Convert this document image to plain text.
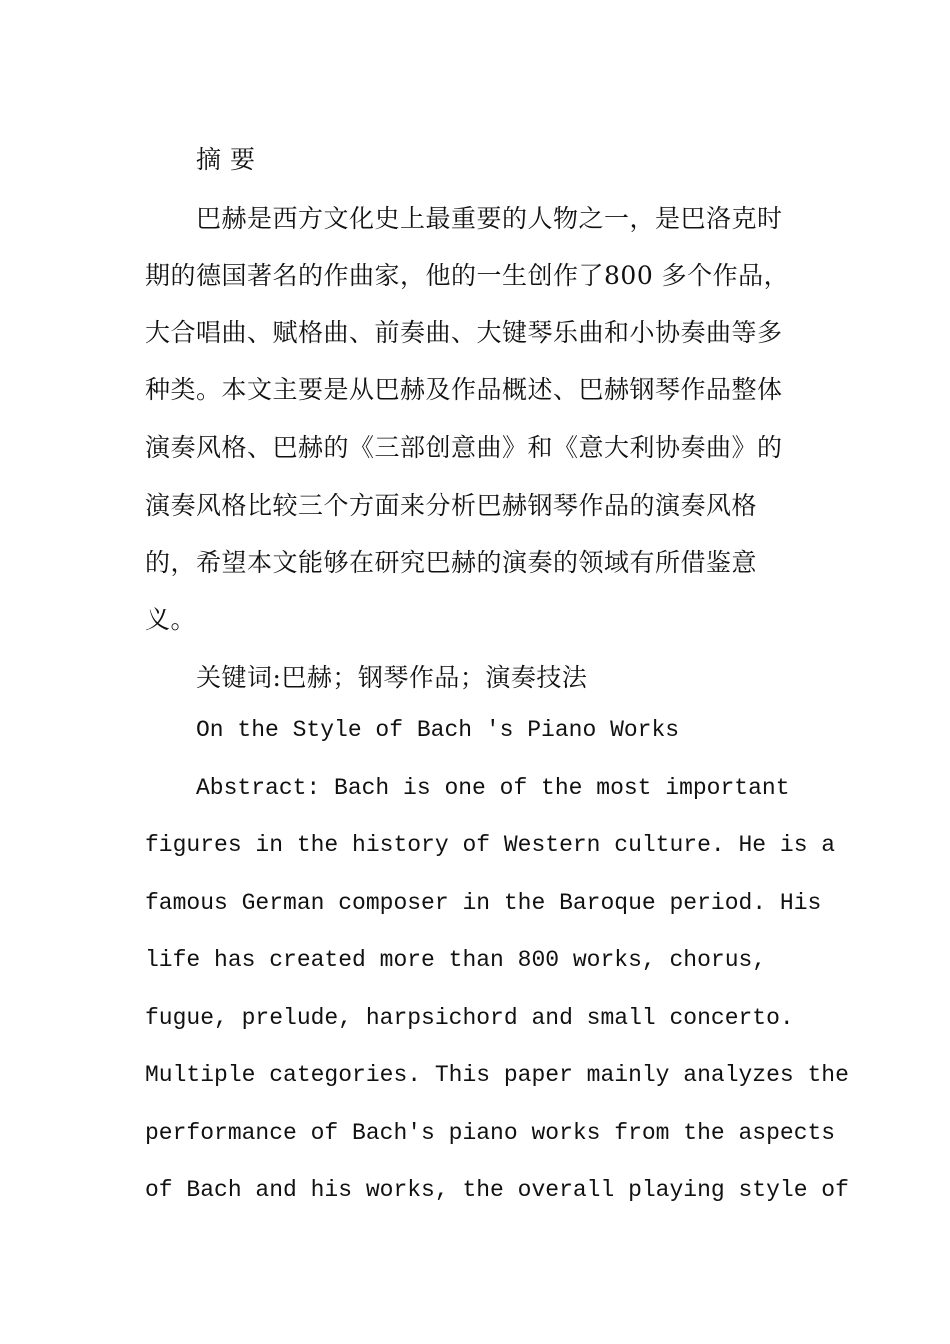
摘 要

巴赫是西方文化史上最重要的人物之一，是巴洛克时

期的德国著名的作曲家，他的一生创作了800 多个作品，

大合唱曲、赋格曲、前奏曲、大键琴乐曲和小协奏曲等多

种类。本文主要是从巴赫及作品概述、巴赫钢琴作品整体

演奏风格、巴赫的《三部创意曲》和《意大利协奏曲》的

演奏风格比较三个方面来分析巴赫钢琴作品的演奏风格

的，希望本文能够在研究巴赫的演奏的领域有所借鉴意

义。

关键词:巴赫；钢琴作品；演奏技法

On the Style of Bach 's Piano Works

Abstract: Bach is one of the most important

figures in the history of Western culture. He is a

famous German composer in the Baroque period. His

life has created more than 800 works, chorus,

fugue, prelude, harpsichord and small concerto.

Multiple categories. This paper mainly analyzes the

performance of Bach's piano works from the aspects

of Bach and his works, the overall playing style of
